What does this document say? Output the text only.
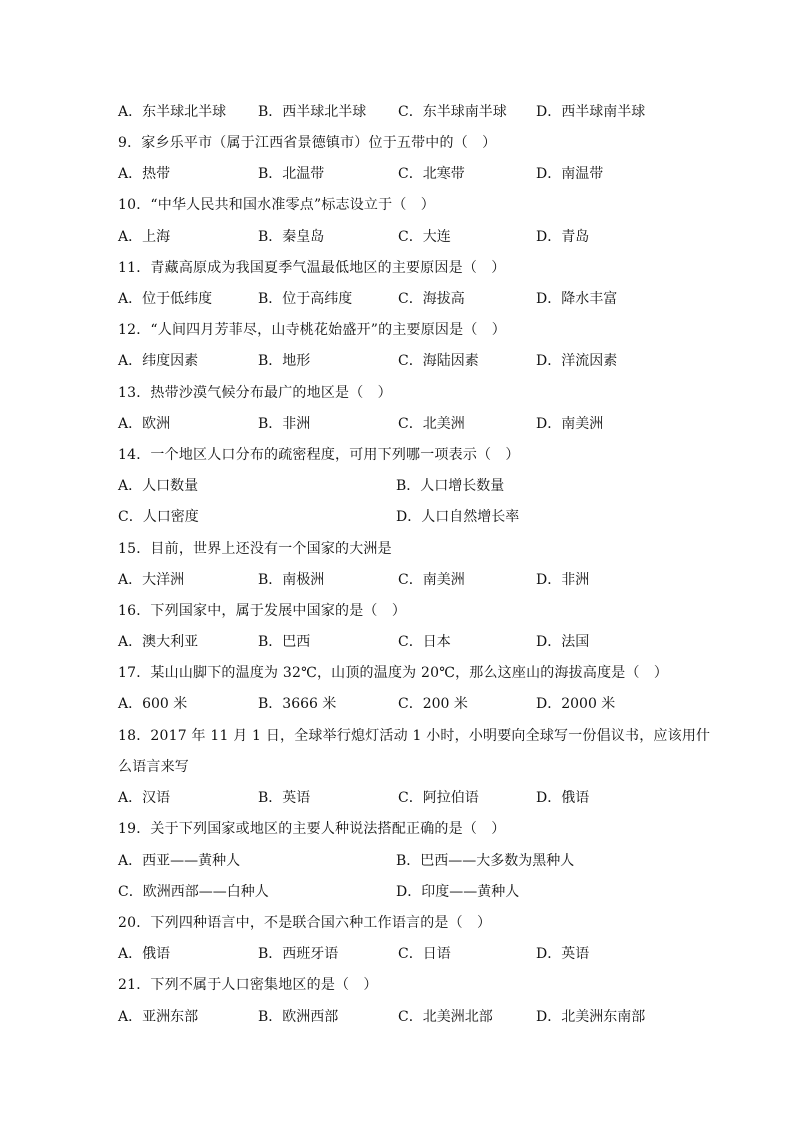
A．东半球北半球 B．西半球北半球 C．东半球南半球 D．西半球南半球
9．家乡乐平市（属于江西省景德镇市）位于五带中的（　）
A．热带	B．北温带	C．北寒带	D．南温带
10．“中华人民共和国水准零点”标志设立于（　）
A．上海	B．秦皇岛	C．大连	D．青岛
11．青藏高原成为我国夏季气温最低地区的主要原因是（　）
A．位于低纬度	B．位于高纬度	C．海拔高	D．降水丰富
12．“人间四月芳菲尽，山寺桃花始盛开”的主要原因是（　）
A．纬度因素	B．地形	C．海陆因素	D．洋流因素
13．热带沙漠气候分布最广的地区是（　）
A．欧洲	B．非洲	C．北美洲	D．南美洲
14．一个地区人口分布的疏密程度，可用下列哪一项表示（　）
A．人口数量	B．人口增长数量
C．人口密度	D．人口自然增长率
15．目前，世界上还没有一个国家的大洲是
A．大洋洲	B．南极洲	C．南美洲	D．非洲
16．下列国家中，属于发展中国家的是（　）
A．澳大利亚	B．巴西	C．日本	D．法国
17．某山山脚下的温度为 32℃，山顶的温度为 20℃，那么这座山的海拔高度是（　）
A．600 米	B．3666 米	C．200 米	D．2000 米
18．2017 年 11 月 1 日，全球举行熄灯活动 1 小时，小明要向全球写一份倡议书，应该用什
么语言来写
A．汉语	B．英语	C．阿拉伯语	D．俄语
19．关于下列国家或地区的主要人种说法搭配正确的是（　）
A．西亚——黄种人	B．巴西——大多数为黑种人
C．欧洲西部——白种人	D．印度——黄种人
20．下列四种语言中，不是联合国六种工作语言的是（　）
A．俄语	B．西班牙语	C．日语	D．英语
21．下列不属于人口密集地区的是（　）
A．亚洲东部	B．欧洲西部	C．北美洲北部	D．北美洲东南部
